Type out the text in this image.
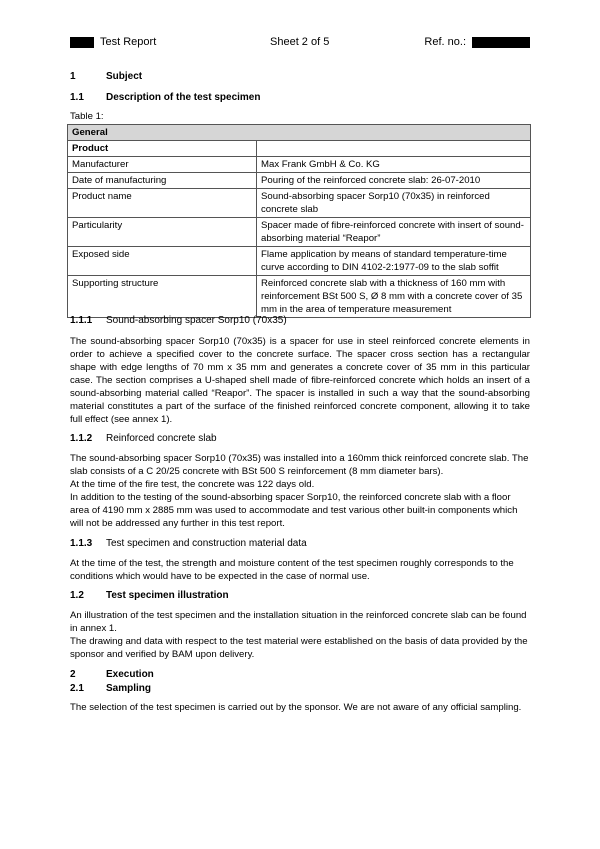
Test Report	Sheet 2 of 5	Ref. no.:
1	Subject
1.1 Description of the test specimen
Table 1:
General	
Product	
Manufacturer	Max Frank GmbH & Co. KG
Date of manufacturing	Pouring of the reinforced concrete slab: 26-07-2010
Product name	Sound-absorbing spacer Sorp10 (70x35) in reinforced concrete slab
Particularity	Spacer made of fibre-reinforced concrete with insert of sound-absorbing material “Reapor”
Exposed side	Flame application by means of standard temperature-time curve according to DIN 4102-2:1977-09 to the slab soffit
Supporting structure	Reinforced concrete slab with a thickness of 160 mm with reinforcement BSt 500 S, Ø 8 mm with a concrete cover of 35 mm in the area of temperature measurement
1.1.1 Sound-absorbing spacer Sorp10 (70x35)
The sound-absorbing spacer Sorp10 (70x35) is a spacer for use in steel reinforced concrete elements in order to achieve a specified cover to the concrete surface. The spacer cross section has a rectangular shape with edge lengths of 70 mm x 35 mm and generates a concrete cover of 35 mm in this particular case. The section comprises a U-shaped shell made of fibre-reinforced concrete which holds an insert of a sound-absorbing material called “Reapor”. The spacer is installed in such a way that the sound-absorbing material constitutes a part of the surface of the finished reinforced concrete component, allowing it to take full effect (see annex 1).
1.1.2 Reinforced concrete slab
The sound-absorbing spacer Sorp10 (70x35) was installed into a 160mm thick reinforced concrete slab. The slab consists of a C 20/25 concrete with BSt 500 S reinforcement (8 mm diameter bars).
At the time of the fire test, the concrete was 122 days old.
In addition to the testing of the sound-absorbing spacer Sorp10, the reinforced concrete slab with a floor area of 4190 mm x 2885 mm was used to accommodate and test various other built-in components which will not be addressed any further in this test report.
1.1.3 Test specimen and construction material data
At the time of the test, the strength and moisture content of the test specimen roughly corresponds to the conditions which would have to be expected in the case of normal use.
1.2 Test specimen illustration
An illustration of the test specimen and the installation situation in the reinforced concrete slab can be found in annex 1.
The drawing and data with respect to the test material were established on the basis of data provided by the sponsor and verified by BAM upon delivery.
2	Execution
2.1 Sampling
The selection of the test specimen is carried out by the sponsor. We are not aware of any official sampling.
